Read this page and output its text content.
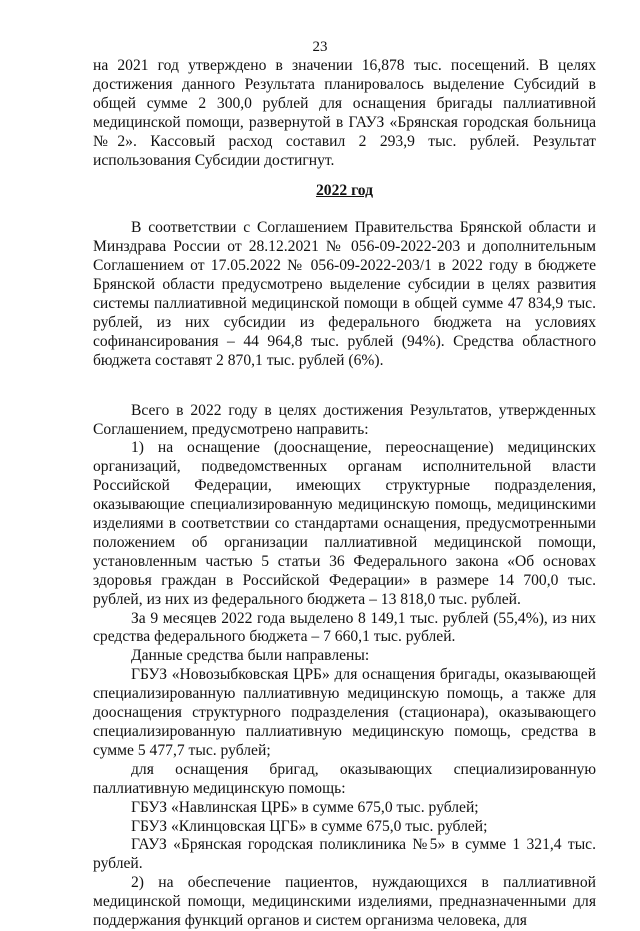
23

на 2021 год утверждено в значении 16,878 тыс. посещений. В целях достижения данного Результата планировалось выделение Субсидий в общей сумме 2 300,0 рублей для оснащения бригады паллиативной медицинской помощи, развернутой в ГАУЗ «Брянская городская больница №2». Кассовый расход составил 2 293,9 тыс. рублей. Результат использования Субсидии достигнут.

2022 год

В соответствии с Соглашением Правительства Брянской области и Минздрава России от 28.12.2021 № 056-09-2022-203 и дополнительным Соглашением от 17.05.2022 № 056-09-2022-203/1 в 2022 году в бюджете Брянской области предусмотрено выделение субсидии в целях развития системы паллиативной медицинской помощи в общей сумме 47 834,9 тыс. рублей, из них субсидии из федерального бюджета на условиях софинансирования – 44 964,8 тыс. рублей (94%). Средства областного бюджета составят 2 870,1 тыс. рублей (6%).

Всего в 2022 году в целях достижения Результатов, утвержденных Соглашением, предусмотрено направить:

1) на оснащение (дооснащение, переоснащение) медицинских организаций, подведомственных органам исполнительной власти Российской Федерации, имеющих структурные подразделения, оказывающие специализированную медицинскую помощь, медицинскими изделиями в соответствии со стандартами оснащения, предусмотренными положением об организации паллиативной медицинской помощи, установленным частью 5 статьи 36 Федерального закона «Об основах здоровья граждан в Российской Федерации» в размере 14 700,0 тыс. рублей, из них из федерального бюджета – 13 818,0 тыс. рублей.

За 9 месяцев 2022 года выделено 8 149,1 тыс. рублей (55,4%), из них средства федерального бюджета – 7 660,1 тыс. рублей.

Данные средства были направлены:

ГБУЗ «Новозыбковская ЦРБ» для оснащения бригады, оказывающей специализированную паллиативную медицинскую помощь, а также для дооснащения структурного подразделения (стационара), оказывающего специализированную паллиативную медицинскую помощь, средства в сумме 5 477,7 тыс. рублей;

для оснащения бригад, оказывающих специализированную паллиативную медицинскую помощь:

ГБУЗ «Навлинская ЦРБ» в сумме 675,0 тыс. рублей;

ГБУЗ «Клинцовская ЦГБ» в сумме 675,0 тыс. рублей;

ГАУЗ «Брянская городская поликлиника №5» в сумме 1 321,4 тыс. рублей.

2) на обеспечение пациентов, нуждающихся в паллиативной медицинской помощи, медицинскими изделиями, предназначенными для поддержания функций органов и систем организма человека, для
